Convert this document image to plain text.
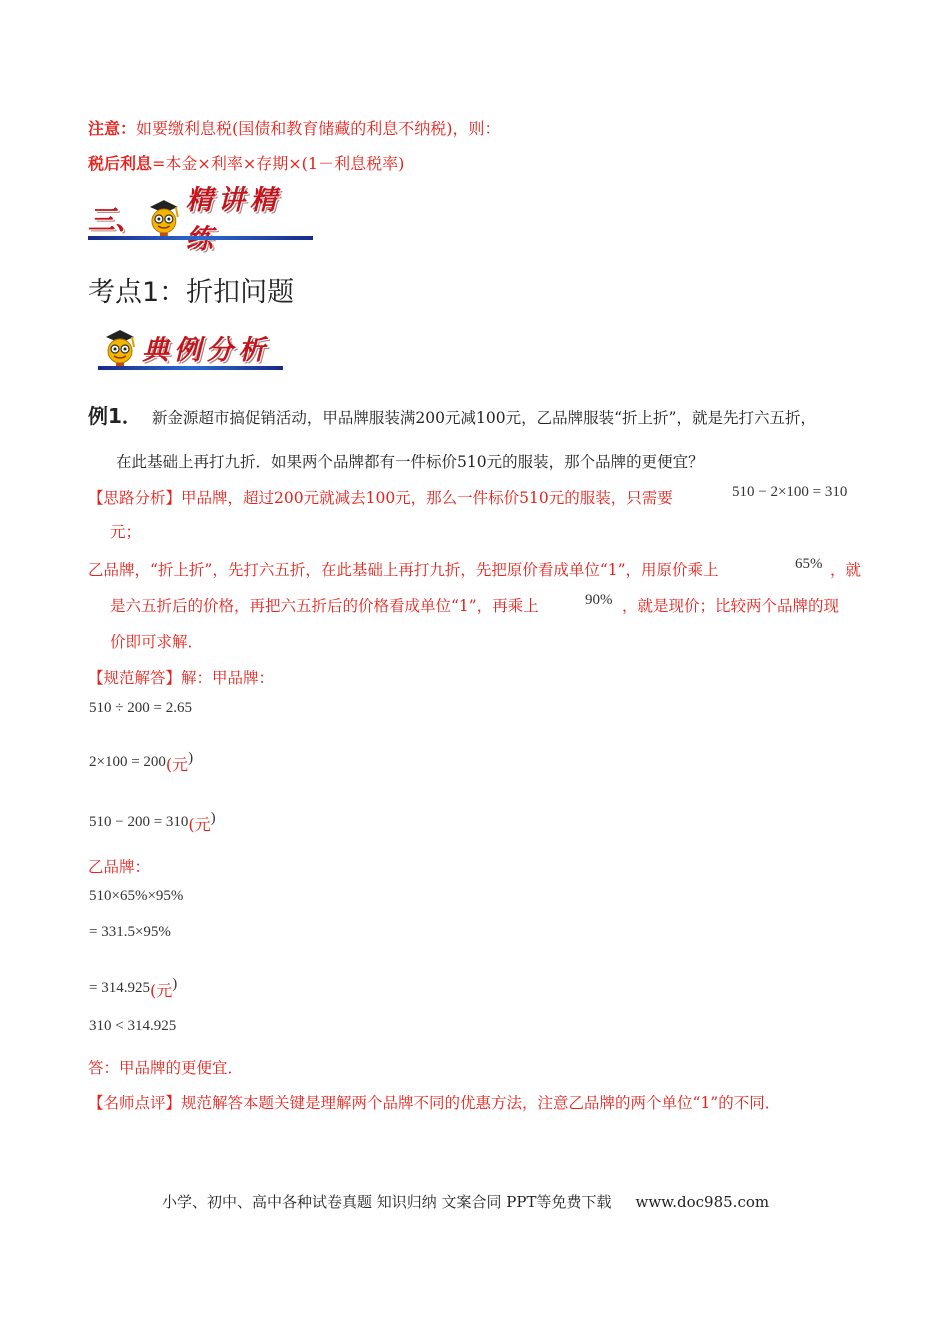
注意：如要缴利息税(国债和教育储藏的利息不纳税)，则：
税后利息=本金×利率×存期×(1－利息税率)
三、
精讲精
考点1：折扣问题
典例分析
例1． 新金源超市搞促销活动，甲品牌服装满200元减100元，乙品牌服装“折上折”，就是先打六五折，
在此基础上再打九折．如果两个品牌都有一件标价510元的服装，那个品牌的更便宜？
【思路分析】甲品牌，超过200元就减去100元，那么一件标价510元的服装，只需要	510 − 2×100 = 310
元；
乙品牌，“折上折”，先打六五折，在此基础上再打九折，先把原价看成单位“1”，用原价乘上	65% ，就
是六五折后的价格，再把六五折后的价格看成单位“1”，再乘上	90% ，就是现价；比较两个品牌的现
价即可求解．
【规范解答】解：甲品牌：
510 ÷ 200 = 2.65
2×100 = 200(元)
510 − 200 = 310(元)
乙品牌：
510×65%×95%
= 331.5×95%
= 314.925(元)
310 < 314.925
答：甲品牌的更便宜．
【名师点评】规范解答本题关键是理解两个品牌不同的优惠方法，注意乙品牌的两个单位“1”的不同．
小学、初中、高中各种试卷真题 知识归纳 文案合同 PPT等免费下载 www.doc985.com
